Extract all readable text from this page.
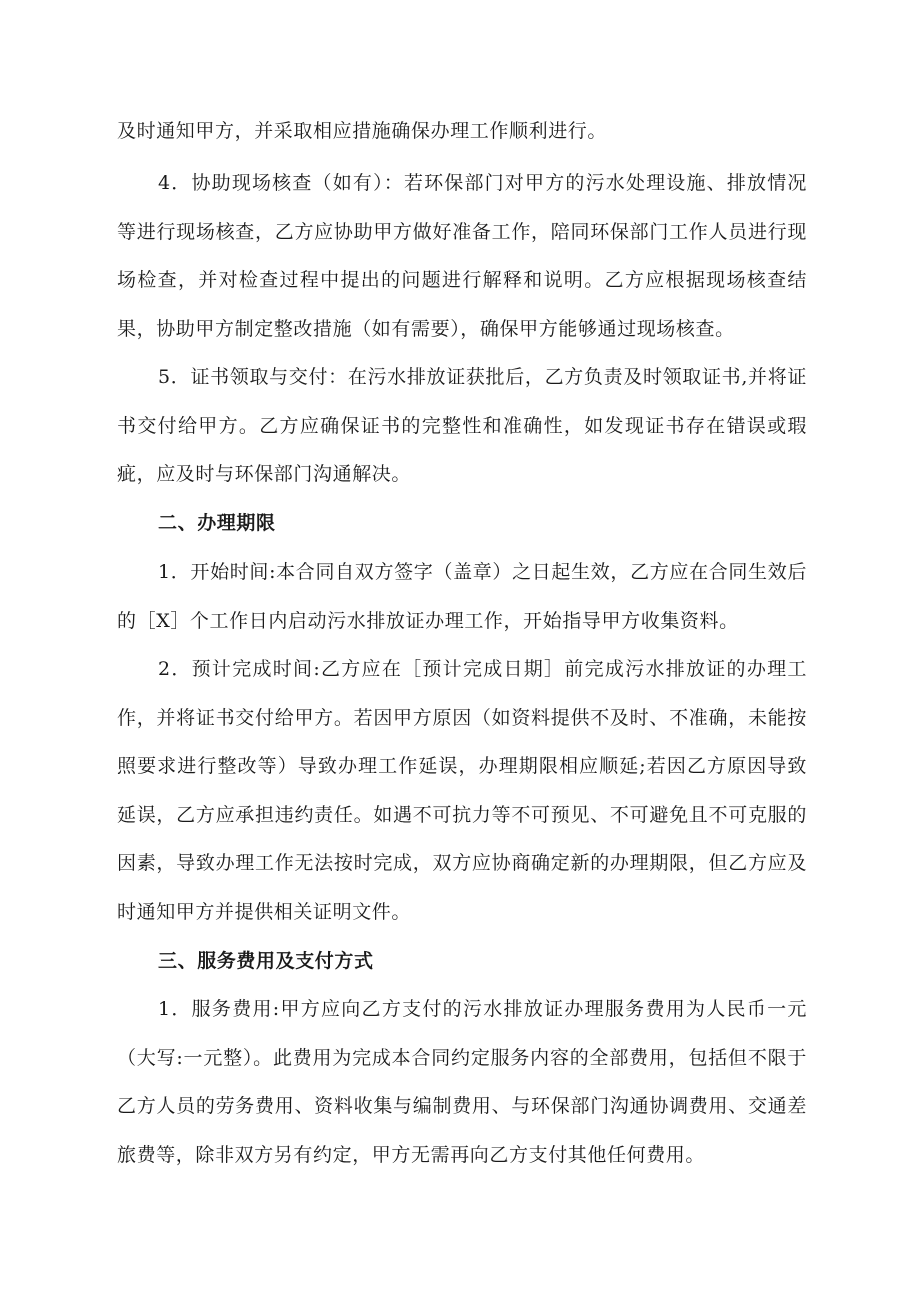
及时通知甲方，并采取相应措施确保办理工作顺利进行。

4．协助现场核查（如有）：若环保部门对甲方的污水处理设施、排放情况等进行现场核查，乙方应协助甲方做好准备工作，陪同环保部门工作人员进行现场检查，并对检查过程中提出的问题进行解释和说明。乙方应根据现场核查结果，协助甲方制定整改措施（如有需要），确保甲方能够通过现场核查。

5．证书领取与交付：在污水排放证获批后，乙方负责及时领取证书,并将证书交付给甲方。乙方应确保证书的完整性和准确性，如发现证书存在错误或瑕疵，应及时与环保部门沟通解决。

二、办理期限

1．开始时间:本合同自双方签字（盖章）之日起生效，乙方应在合同生效后的［X］个工作日内启动污水排放证办理工作，开始指导甲方收集资料。

2．预计完成时间:乙方应在［预计完成日期］前完成污水排放证的办理工作，并将证书交付给甲方。若因甲方原因（如资料提供不及时、不准确，未能按照要求进行整改等）导致办理工作延误，办理期限相应顺延;若因乙方原因导致延误，乙方应承担违约责任。如遇不可抗力等不可预见、不可避免且不可克服的因素，导致办理工作无法按时完成，双方应协商确定新的办理期限，但乙方应及时通知甲方并提供相关证明文件。

三、服务费用及支付方式

1．服务费用:甲方应向乙方支付的污水排放证办理服务费用为人民币一元（大写:一元整）。此费用为完成本合同约定服务内容的全部费用，包括但不限于乙方人员的劳务费用、资料收集与编制费用、与环保部门沟通协调费用、交通差旅费等，除非双方另有约定，甲方无需再向乙方支付其他任何费用。
